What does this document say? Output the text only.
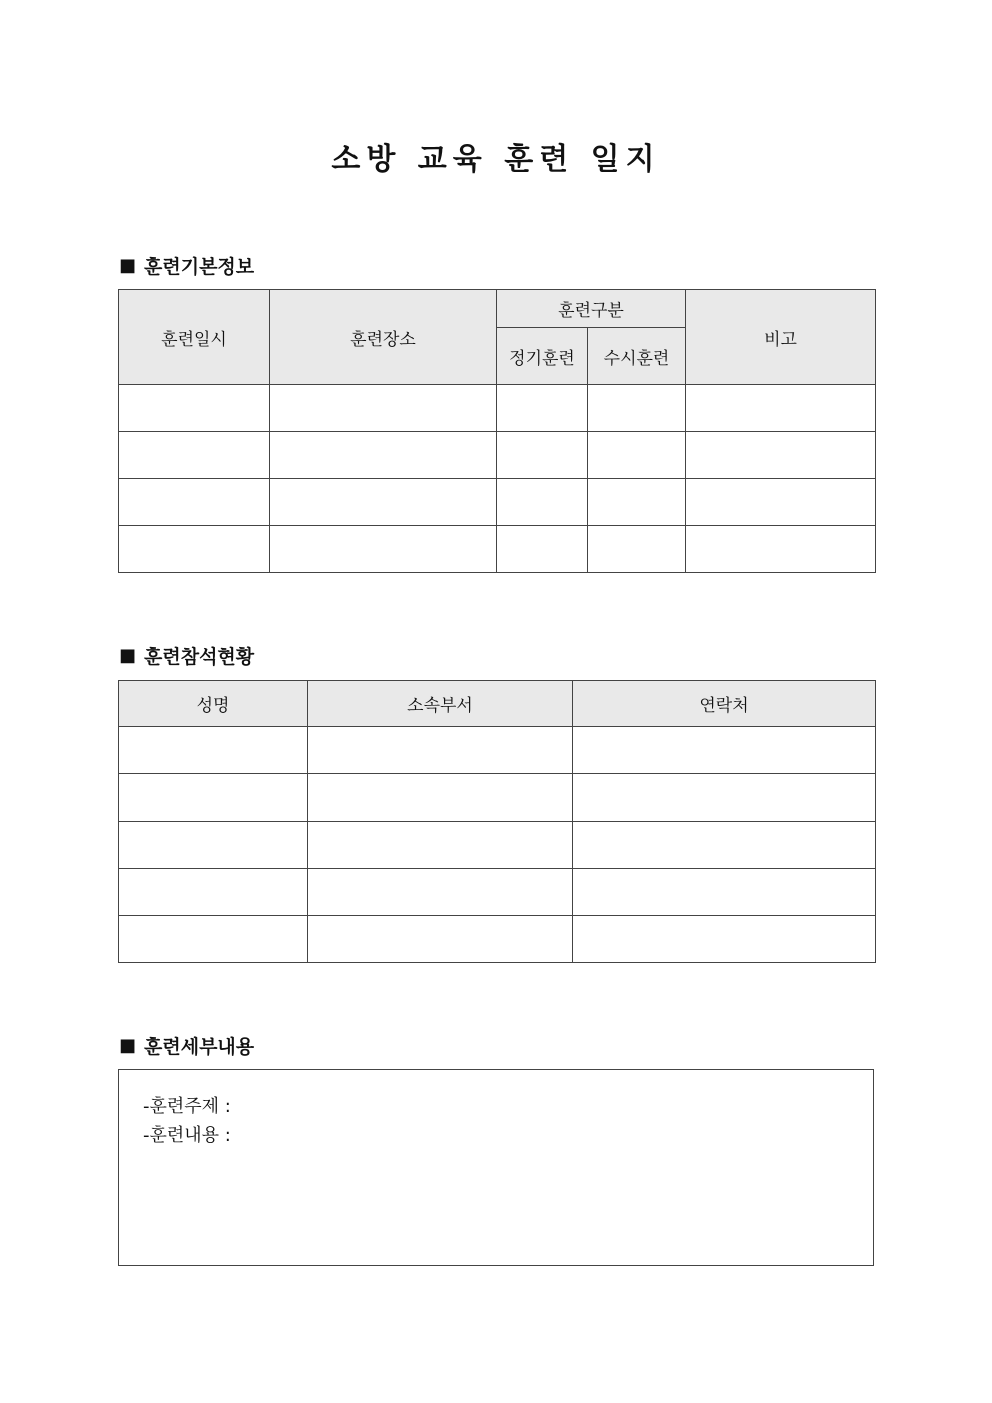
소방 교육 훈련 일지
■ 훈련기본정보
훈련일시	훈련장소	훈련구분		비고
		정기훈련	수시훈련	

■ 훈련참석현황
성명	소속부서	연락처

■ 훈련세부내용
-훈련주제 :
-훈련내용 :
